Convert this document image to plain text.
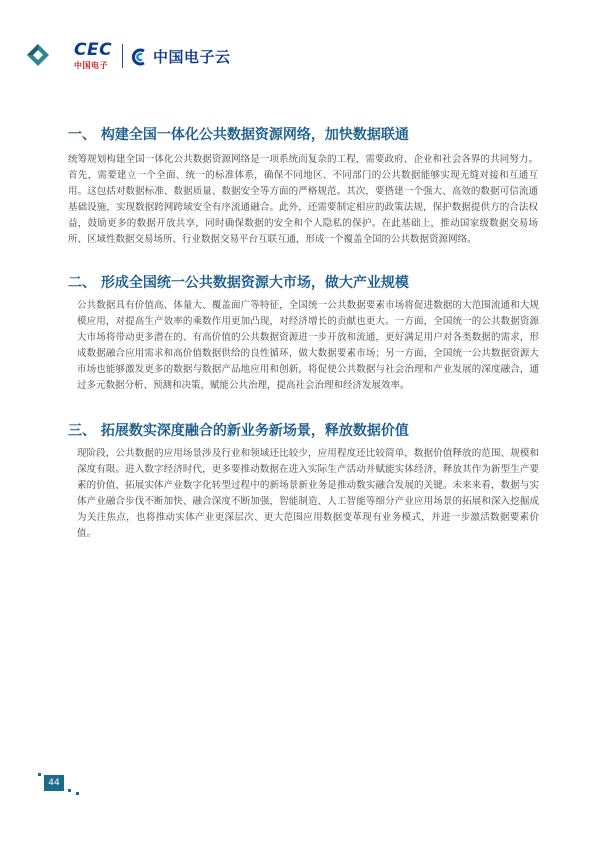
CEC
中国电子	中国电子云
一、 构建全国一体化公共数据资源网络，加快数据联通

统筹规划构建全国一体化公共数据资源网络是一项系统而复杂的工程，需要政府、企业和社会各界的共同努力。首先，需要建立一个全面、统一的标准体系，确保不同地区、不同部门的公共数据能够实现无缝对接和互通互用。这包括对数据标准、数据质量、数据安全等方面的严格规范。其次，要搭建一个强大、高效的数据可信流通基础设施，实现数据跨网跨域安全有序流通融合。此外，还需要制定相应的政策法规，保护数据提供方的合法权益，鼓励更多的数据开放共享，同时确保数据的安全和个人隐私的保护。在此基础上，推动国家级数据交易场所、区域性数据交易场所、行业数据交易平台互联互通，形成一个覆盖全国的公共数据资源网络。

二、 形成全国统一公共数据资源大市场，做大产业规模

公共数据具有价值高、体量大、覆盖面广等特征，全国统一公共数据要素市场将促进数据的大范围流通和大规模应用，对提高生产效率的乘数作用更加凸现，对经济增长的贡献也更大。一方面，全国统一的公共数据资源大市场将带动更多潜在的、有高价值的公共数据资源进一步开放和流通，更好满足用户对各类数据的需求，形成数据融合应用需求和高价值数据供给的良性循环，做大数据要素市场；另一方面，全国统一公共数据资源大市场也能够激发更多的数据与数据产品地应用和创新，将促使公共数据与社会治理和产业发展的深度融合，通过多元数据分析、预测和决策，赋能公共治理，提高社会治理和经济发展效率。

三、 拓展数实深度融合的新业务新场景，释放数据价值

现阶段，公共数据的应用场景涉及行业和领域还比较少，应用程度还比较简单，数据价值释放的范围、规模和深度有限。进入数字经济时代，更多要推动数据在进入实际生产活动并赋能实体经济，释放其作为新型生产要素的价值，拓展实体产业数字化转型过程中的新场景新业务是推动数实融合发展的关键。未来来看，数据与实体产业融合步伐不断加快、融合深度不断加强，智能制造、人工智能等细分产业应用场景的拓展和深入挖掘成为关注焦点，也将推动实体产业更深层次、更大范围应用数据变革现有业务模式，并进一步激活数据要素价值。

44
